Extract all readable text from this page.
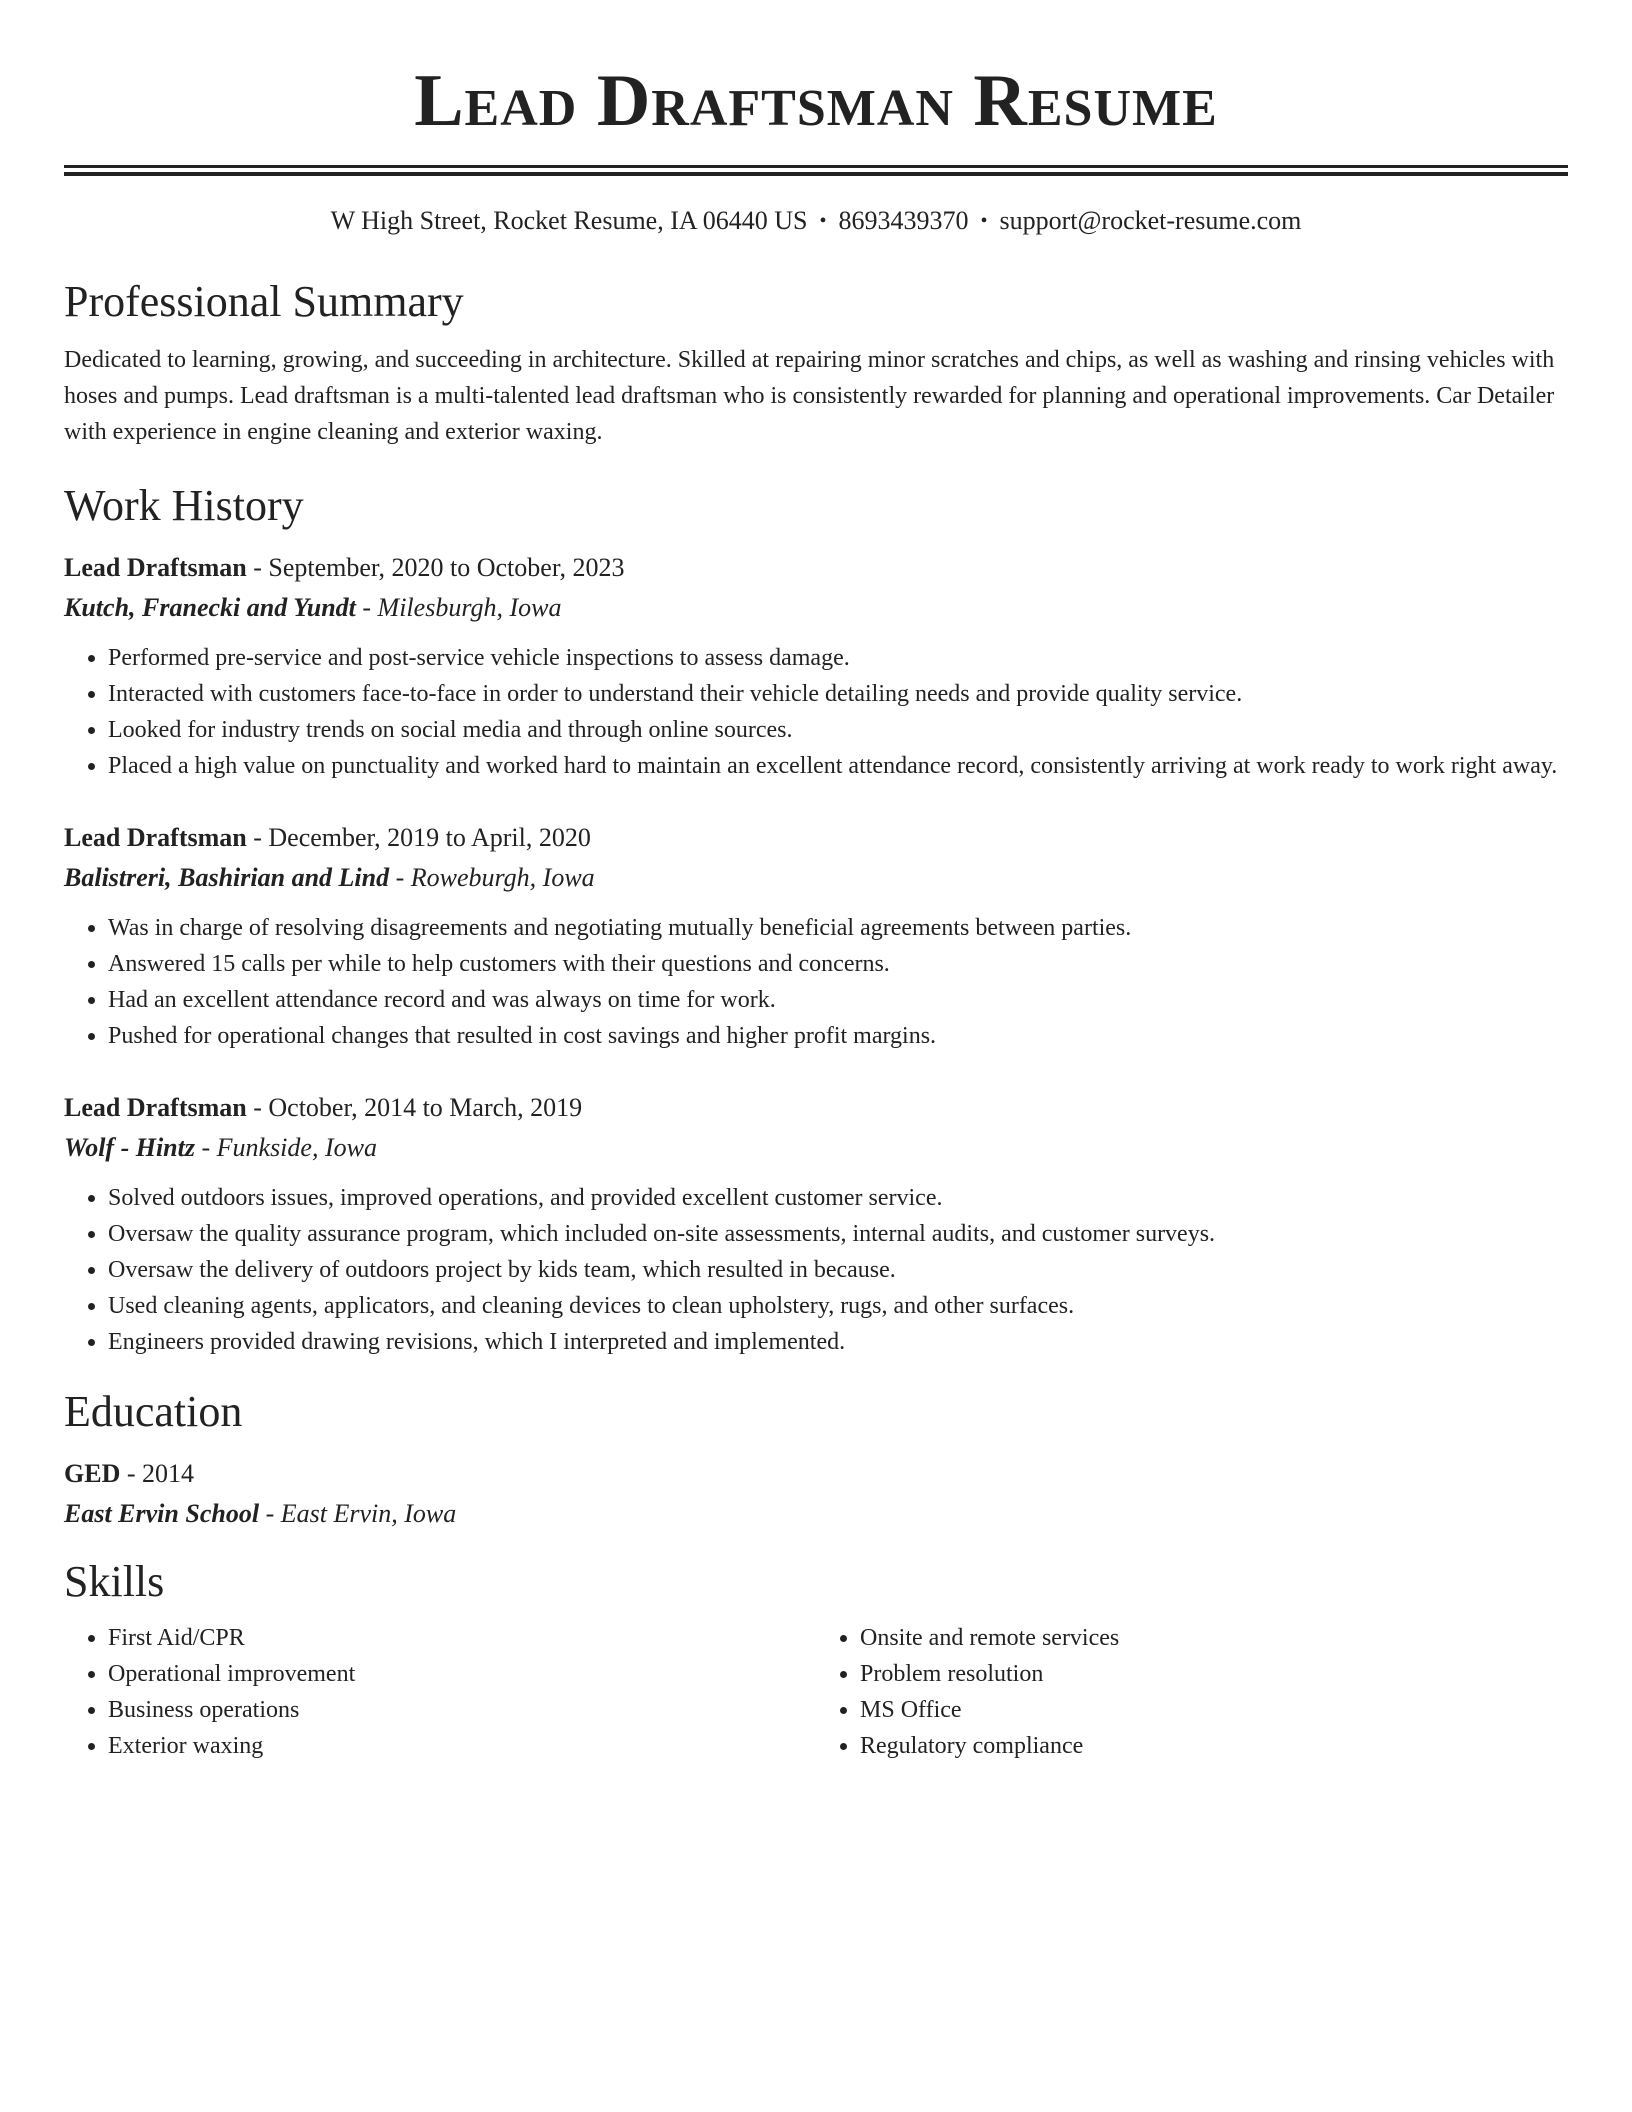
Lead Draftsman Resume
W High Street, Rocket Resume, IA 06440 US • 8693439370 • support@rocket-resume.com
Professional Summary
Dedicated to learning, growing, and succeeding in architecture. Skilled at repairing minor scratches and chips, as well as washing and rinsing vehicles with hoses and pumps. Lead draftsman is a multi-talented lead draftsman who is consistently rewarded for planning and operational improvements. Car Detailer with experience in engine cleaning and exterior waxing.
Work History
Lead Draftsman - September, 2020 to October, 2023
Kutch, Franecki and Yundt - Milesburgh, Iowa
• Performed pre-service and post-service vehicle inspections to assess damage.
• Interacted with customers face-to-face in order to understand their vehicle detailing needs and provide quality service.
• Looked for industry trends on social media and through online sources.
• Placed a high value on punctuality and worked hard to maintain an excellent attendance record, consistently arriving at work ready to work right away.
Lead Draftsman - December, 2019 to April, 2020
Balistreri, Bashirian and Lind - Roweburgh, Iowa
• Was in charge of resolving disagreements and negotiating mutually beneficial agreements between parties.
• Answered 15 calls per while to help customers with their questions and concerns.
• Had an excellent attendance record and was always on time for work.
• Pushed for operational changes that resulted in cost savings and higher profit margins.
Lead Draftsman - October, 2014 to March, 2019
Wolf - Hintz - Funkside, Iowa
• Solved outdoors issues, improved operations, and provided excellent customer service.
• Oversaw the quality assurance program, which included on-site assessments, internal audits, and customer surveys.
• Oversaw the delivery of outdoors project by kids team, which resulted in because.
• Used cleaning agents, applicators, and cleaning devices to clean upholstery, rugs, and other surfaces.
• Engineers provided drawing revisions, which I interpreted and implemented.
Education
GED - 2014
East Ervin School - East Ervin, Iowa
Skills
• First Aid/CPR
• Operational improvement
• Business operations
• Exterior waxing
• Onsite and remote services
• Problem resolution
• MS Office
• Regulatory compliance
